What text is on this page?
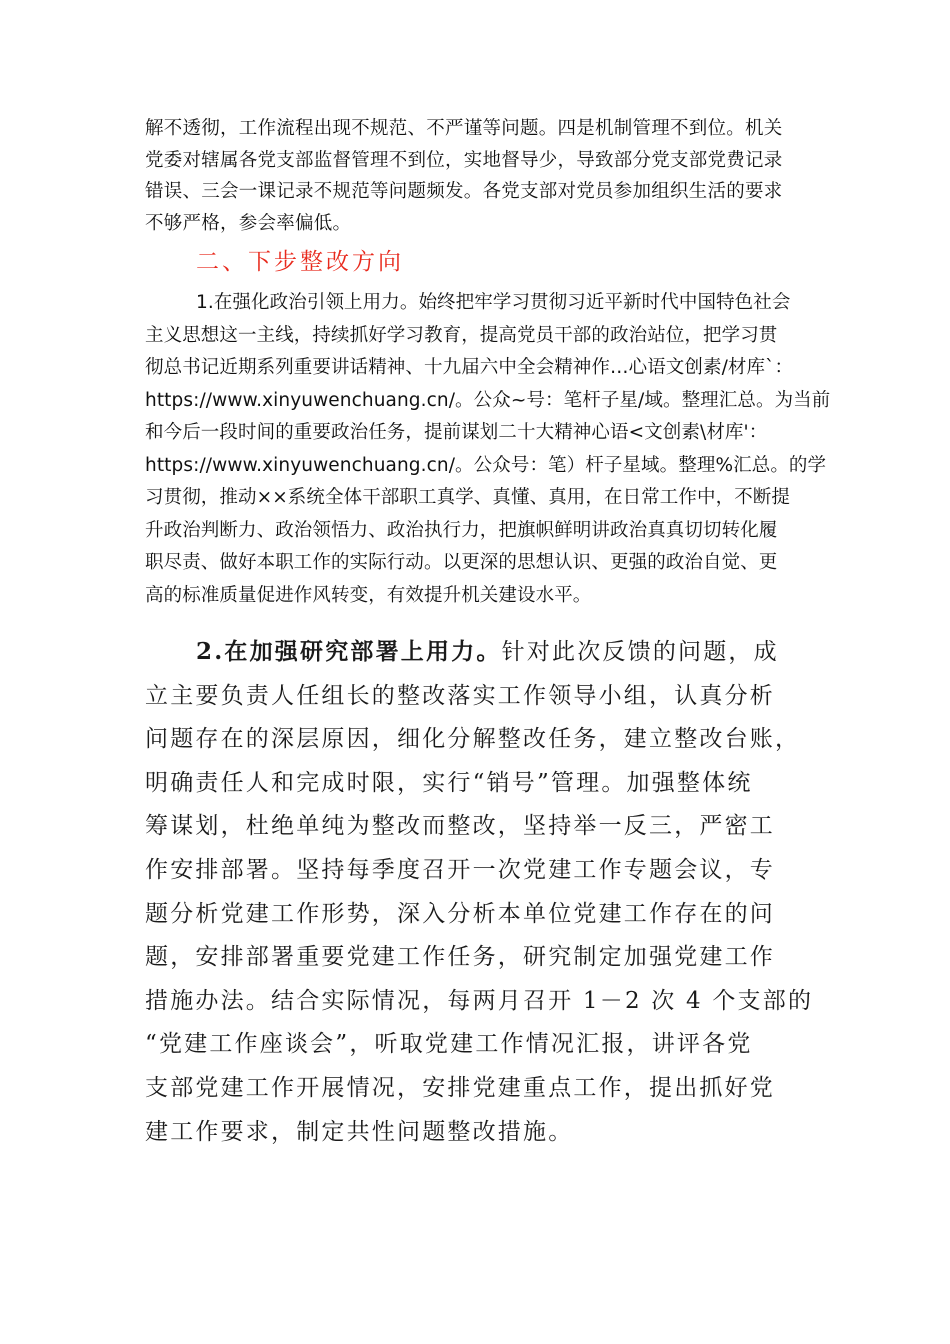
解不透彻，工作流程出现不规范、不严谨等问题。四是机制管理不到位。机关
党委对辖属各党支部监督管理不到位，实地督导少，导致部分党支部党费记录
错误、三会一课记录不规范等问题频发。各党支部对党员参加组织生活的要求
不够严格，参会率偏低。
二、下步整改方向
1.在强化政治引领上用力。始终把牢学习贯彻习近平新时代中国特色社会
主义思想这一主线，持续抓好学习教育，提高党员干部的政治站位，把学习贯
彻总书记近期系列重要讲话精神、十九届六中全会精神作…心语文创素/材库`：
https://www.xinyuwenchuang.cn/。公众~号：笔杆子星/域。整理汇总。为当前
和今后一段时间的重要政治任务，提前谋划二十大精神心语<文创素\材库'：
https://www.xinyuwenchuang.cn/。公众号：笔）杆子星域。整理%汇总。的学
习贯彻，推动××系统全体干部职工真学、真懂、真用，在日常工作中，不断提
升政治判断力、政治领悟力、政治执行力，把旗帜鲜明讲政治真真切切转化履
职尽责、做好本职工作的实际行动。以更深的思想认识、更强的政治自觉、更
高的标准质量促进作风转变，有效提升机关建设水平。
2.在加强研究部署上用力。针对此次反馈的问题，成
立主要负责人任组长的整改落实工作领导小组，认真分析
问题存在的深层原因，细化分解整改任务，建立整改台账，
明确责任人和完成时限，实行“销号”管理。加强整体统
筹谋划，杜绝单纯为整改而整改，坚持举一反三，严密工
作安排部署。坚持每季度召开一次党建工作专题会议，专
题分析党建工作形势，深入分析本单位党建工作存在的问
题，安排部署重要党建工作任务，研究制定加强党建工作
措施办法。结合实际情况，每两月召开 1－2 次 4 个支部的
“党建工作座谈会”，听取党建工作情况汇报，讲评各党
支部党建工作开展情况，安排党建重点工作，提出抓好党
建工作要求，制定共性问题整改措施。
